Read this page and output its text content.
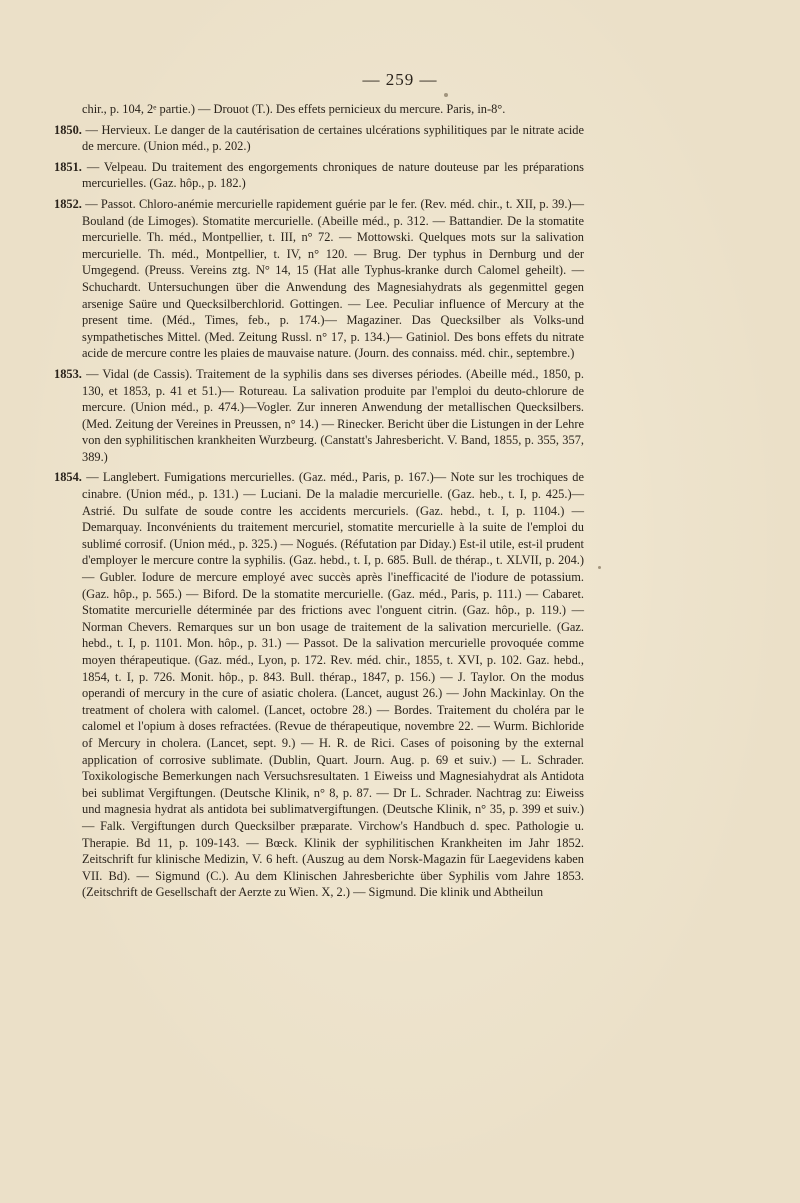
— 259 —

chir., p. 104, 2ᵉ partie.) — Drouot (T.). Des effets pernicieux du mercure. Paris, in-8°.

1850. — Hervieux. Le danger de la cautérisation de certaines ulcérations syphilitiques par le nitrate acide de mercure. (Union méd., p. 202.)

1851. — Velpeau. Du traitement des engorgements chroniques de nature douteuse par les préparations mercurielles. (Gaz. hôp., p. 182.)

1852. — Passot. Chloro-anémie mercurielle rapidement guérie par le fer. (Rev. méd. chir., t. XII, p. 39.)— Bouland (de Limoges). Stomatite mercurielle. (Abeille méd., p. 312. — Battandier. De la stomatite mercurielle. Th. méd., Montpellier, t. III, n° 72. — Mottowski. Quelques mots sur la salivation mercurielle. Th. méd., Montpellier, t. IV, n° 120. — Brug. Der typhus in Dernburg und der Umgegend. (Preuss. Vereins ztg. N° 14, 15 (Hat alle Typhus-kranke durch Calomel geheilt). — Schuchardt. Untersuchungen über die Anwendung des Magnesiahydrats als gegenmittel gegen arsenige Saüre und Quecksilberchlorid. Gottingen. — Lee. Peculiar influence of Mercury at the present time. (Méd., Times, feb., p. 174.)— Magaziner. Das Quecksilber als Volks-und sympathetisches Mittel. (Med. Zeitung Russl. n° 17, p. 134.)— Gatiniol. Des bons effets du nitrate acide de mercure contre les plaies de mauvaise nature. (Journ. des connaiss. méd. chir., septembre.)

1853. — Vidal (de Cassis). Traitement de la syphilis dans ses diverses périodes. (Abeille méd., 1850, p. 130, et 1853, p. 41 et 51.)— Rotureau. La salivation produite par l'emploi du deuto-chlorure de mercure. (Union méd., p. 474.)—Vogler. Zur inneren Anwendung der metallischen Quecksilbers. (Med. Zeitung der Vereines in Preussen, n° 14.) — Rinecker. Bericht über die Listungen in der Lehre von den syphilitischen krankheiten Wurzbeurg. (Canstatt's Jahresbericht. V. Band, 1855, p. 355, 357, 389.)

1854. — Langlebert. Fumigations mercurielles. (Gaz. méd., Paris, p. 167.)— Note sur les trochiques de cinabre. (Union méd., p. 131.) — Luciani. De la maladie mercurielle. (Gaz. heb., t. I, p. 425.)— Astrié. Du sulfate de soude contre les accidents mercuriels. (Gaz. hebd., t. I, p. 1104.) — Demarquay. Inconvénients du traitement mercuriel, stomatite mercurielle à la suite de l'emploi du sublimé corrosif. (Union méd., p. 325.) — Nogués. (Réfutation par Diday.) Est-il utile, est-il prudent d'employer le mercure contre la syphilis. (Gaz. hebd., t. I, p. 685. Bull. de thérap., t. XLVII, p. 204.)— Gubler. Iodure de mercure employé avec succès après l'inefficacité de l'iodure de potassium. (Gaz. hôp., p. 565.) — Biford. De la stomatite mercurielle. (Gaz. méd., Paris, p. 111.) — Cabaret. Stomatite mercurielle déterminée par des frictions avec l'onguent citrin. (Gaz. hôp., p. 119.) — Norman Chevers. Remarques sur un bon usage de traitement de la salivation mercurielle. (Gaz. hebd., t. I, p. 1101. Mon. hôp., p. 31.) — Passot. De la salivation mercurielle provoquée comme moyen thérapeutique. (Gaz. méd., Lyon, p. 172. Rev. méd. chir., 1855, t. XVI, p. 102. Gaz. hebd., 1854, t. I, p. 726. Monit. hôp., p. 843. Bull. thérap., 1847, p. 156.) — J. Taylor. On the modus operandi of mercury in the cure of asiatic cholera. (Lancet, august 26.) — John Mackinlay. On the treatment of cholera with calomel. (Lancet, octobre 28.) — Bordes. Traitement du choléra par le calomel et l'opium à doses refractées. (Revue de thérapeutique, novembre 22. — Wurm. Bichloride of Mercury in cholera. (Lancet, sept. 9.) — H. R. de Rici. Cases of poisoning by the external application of corrosive sublimate. (Dublin, Quart. Journ. Aug. p. 69 et suiv.) — L. Schrader. Toxikologische Bemerkungen nach Versuchsresultaten. 1 Eiweiss und Magnesiahydrat als Antidota bei sublimat Vergiftungen. (Deutsche Klinik, n° 8, p. 87. — Dr L. Schrader. Nachtrag zu: Eiweiss und magnesia hydrat als antidota bei sublimatvergiftungen. (Deutsche Klinik, n° 35, p. 399 et suiv.) — Falk. Vergiftungen durch Quecksilber præparate. Virchow's Handbuch d. spec. Pathologie u. Therapie. Bd 11, p. 109-143. — Bœck. Klinik der syphilitischen Krankheiten im Jahr 1852. Zeitschrift fur klinische Medizin, V. 6 heft. (Auszug au dem Norsk-Magazin für Laegevidens kaben VII. Bd). — Sigmund (C.). Au dem Klinischen Jahresberichte über Syphilis vom Jahre 1853. (Zeitschrift de Gesellschaft der Aerzte zu Wien. X, 2.) — Sigmund. Die klinik und Abtheilun
